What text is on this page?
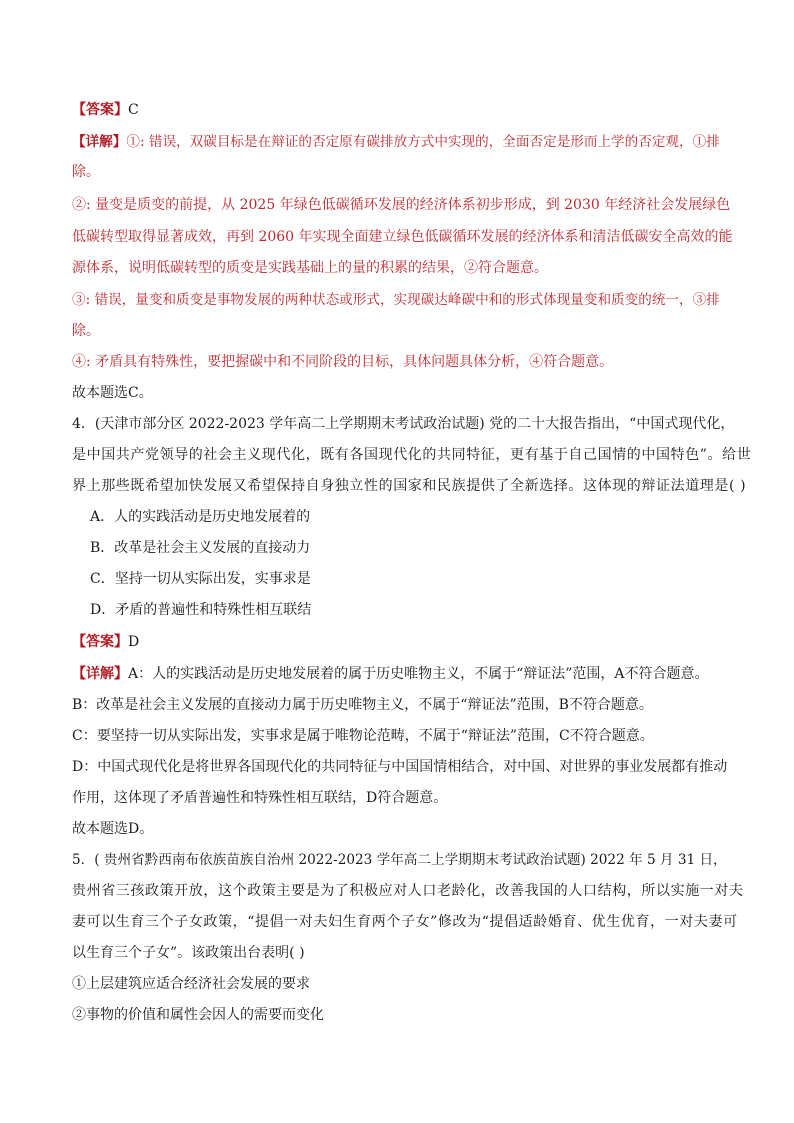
【答案】C
【详解】①: 错误，双碳目标是在辩证的否定原有碳排放方式中实现的，全面否定是形而上学的否定观，①排
除。
②: 量变是质变的前提，从 2025 年绿色低碳循环发展的经济体系初步形成，到 2030 年经济社会发展绿色
低碳转型取得显著成效，再到 2060 年实现全面建立绿色低碳循环发展的经济体系和清洁低碳安全高效的能
源体系，说明低碳转型的质变是实践基础上的量的积累的结果，②符合题意。
③: 错误，量变和质变是事物发展的两种状态或形式，实现碳达峰碳中和的形式体现量变和质变的统一，③排
除。
④: 矛盾具有特殊性，要把握碳中和不同阶段的目标，具体问题具体分析，④符合题意。
故本题选C。
4．(天津市部分区 2022-2023 学年高二上学期期末考试政治试题) 党的二十大报告指出，“中国式现代化，
是中国共产党领导的社会主义现代化，既有各国现代化的共同特征，更有基于自己国情的中国特色”。给世
界上那些既希望加快发展又希望保持自身独立性的国家和民族提供了全新选择。这体现的辩证法道理是( )
A．人的实践活动是历史地发展着的
B．改革是社会主义发展的直接动力
C．坚持一切从实际出发，实事求是
D．矛盾的普遍性和特殊性相互联结
【答案】D
【详解】A：人的实践活动是历史地发展着的属于历史唯物主义，不属于“辩证法”范围，A不符合题意。
B：改革是社会主义发展的直接动力属于历史唯物主义，不属于“辩证法”范围，B不符合题意。
C：要坚持一切从实际出发，实事求是属于唯物论范畴，不属于“辩证法”范围，C不符合题意。
D：中国式现代化是将世界各国现代化的共同特征与中国国情相结合，对中国、对世界的事业发展都有推动
作用，这体现了矛盾普遍性和特殊性相互联结，D符合题意。
故本题选D。
5．( 贵州省黔西南布依族苗族自治州 2022-2023 学年高二上学期期末考试政治试题) 2022 年 5 月 31 日，
贵州省三孩政策开放，这个政策主要是为了积极应对人口老龄化，改善我国的人口结构，所以实施一对夫
妻可以生育三个子女政策，“提倡一对夫妇生育两个子女”修改为“提倡适龄婚育、优生优育，一对夫妻可
以生育三个子女”。该政策出台表明( )
①上层建筑应适合经济社会发展的要求
②事物的价值和属性会因人的需要而变化
